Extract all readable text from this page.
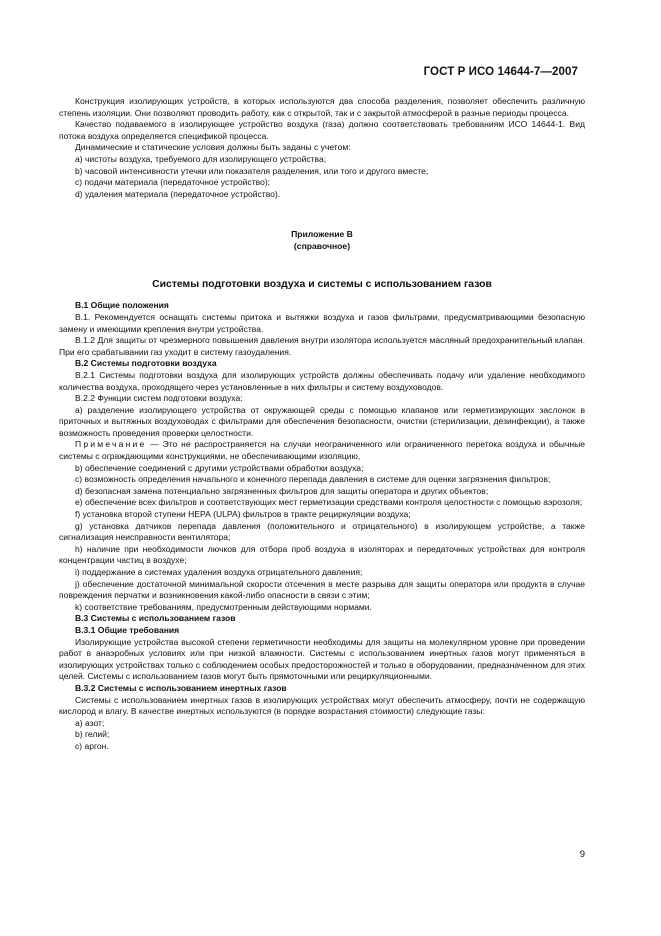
ГОСТ Р ИСО 14644-7—2007

Конструкция изолирующих устройств, в которых используются два способа разделения, позволяет обеспечить различную степень изоляции. Они позволяют проводить работу, как с открытой, так и с закрытой атмосферой в разные периоды процесса.

Качество подаваемого в изолирующее устройство воздуха (газа) должно соответствовать требованиям ИСО 14644-1. Вид потока воздуха определяется спецификой процесса.

Динамические и статические условия должны быть заданы с учетом:

a) чистоты воздуха, требуемого для изолирующего устройства;

b) часовой интенсивности утечки или показателя разделения, или того и другого вместе;

c) подачи материала (передаточное устройство);

d) удаления материала (передаточное устройство).

Приложение В

(справочное)

Системы подготовки воздуха и системы с использованием газов

В.1 Общие положения

В.1. Рекомендуется оснащать системы притока и вытяжки воздуха и газов фильтрами, предусматривающими безопасную замену и имеющими крепления внутри устройства.

В.1.2 Для защиты от чрезмерного повышения давления внутри изолятора используется масляный предохранительный клапан. При его срабатывании газ уходит в систему газоудаления.

В.2 Системы подготовки воздуха

В.2.1 Системы подготовки воздуха для изолирующих устройств должны обеспечивать подачу или удаление необходимого количества воздуха, проходящего через установленные в них фильтры и систему воздуховодов.

В.2.2 Функции систем подготовки воздуха:

a) разделение изолирующего устройства от окружающей среды с помощью клапанов или герметизирующих заслонок в приточных и вытяжных воздуховодах с фильтрами для обеспечения безопасности, очистки (стерилизации, дезинфекции), а также возможность проведения проверки целостности.

Примечание — Это не распространяется на случаи неограниченного или ограниченного перетока воздуха и обычные системы с ограждающими конструкциями, не обеспечивающими изоляцию,

b) обеспечение соединений с другими устройствами обработки воздуха;

c) возможность определения начального и конечного перепада давления в системе для оценки загрязнения фильтров;

d) безопасная замена потенциально загрязненных фильтров для защиты оператора и других объектов;

e) обеспечение всех фильтров и соответствующих мест герметизации средствами контроля целостности с помощью аэрозоля;

f) установка второй ступени НЕРА (ULPA) фильтров в тракте рециркуляции воздуха;

g) установка датчиков перепада давления (положительного и отрицательного) в изолирующем устройстве, а также сигнализация неисправности вентилятора;

h) наличие при необходимости лючков для отбора проб воздуха в изоляторах и передаточных устройствах для контроля концентрации частиц в воздухе;

i) поддержание в системах удаления воздуха отрицательного давления;

j) обеспечение достаточной минимальной скорости отсечения в месте разрыва для защиты оператора или продукта в случае повреждения перчатки и возникновения какой-либо опасности в связи с этим;

k) соответствие требованиям, предусмотренным действующими нормами.

В.3 Системы с использованием газов

В.3.1 Общие требования

Изолирующие устройства высокой степени герметичности необходимы для защиты на молекулярном уровне при проведении работ в анаэробных условиях или при низкой влажности. Системы с использованием инертных газов могут применяться в изолирующих устройствах только с соблюдением особых предосторожностей и только в оборудовании, предназначенном для этих целей. Системы с использованием газов могут быть прямоточными или рециркуляционными.

В.3.2 Системы с использованием инертных газов

Системы с использованием инертных газов в изолирующих устройствах могут обеспечить атмосферу, почти не содержащую кислород и влагу. В качестве инертных используются (в порядке возрастания стоимости) следующие газы:

a) азот;

b) гелий;

c) аргон.

9
